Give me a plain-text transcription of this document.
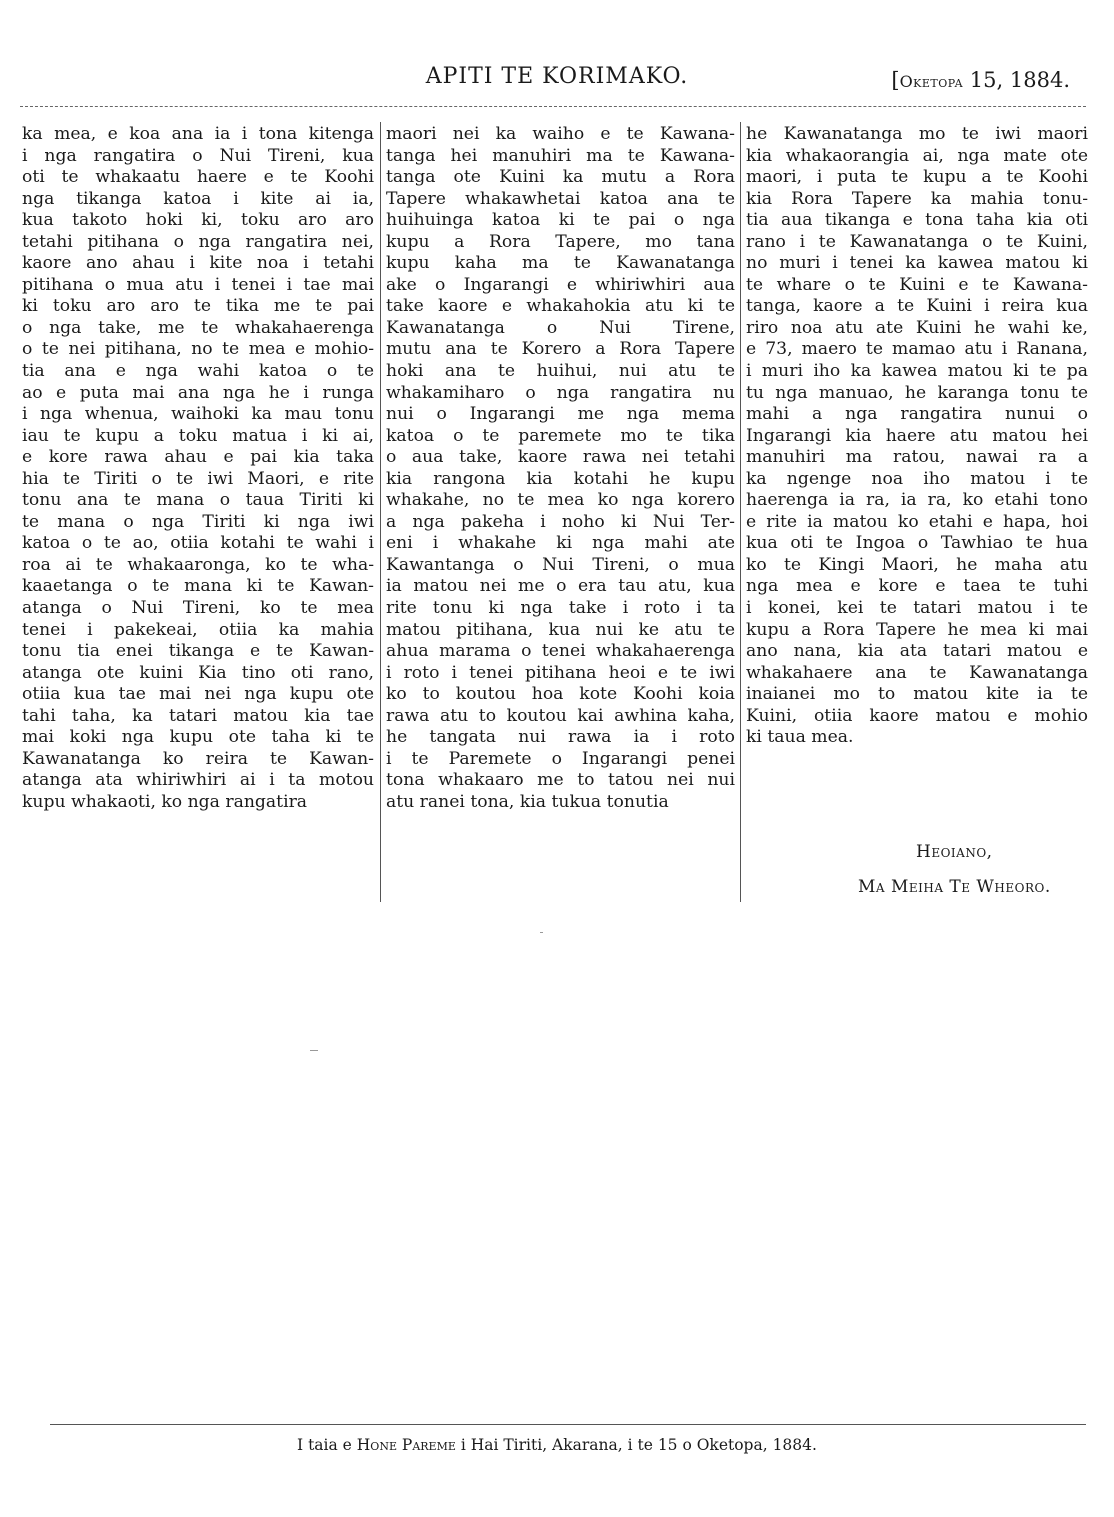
APITI TE KORIMAKO.	[Oketopa 15, 1884.
ka mea, e koa ana ia i tona kitenga
i nga rangatira o Nui Tireni, kua
oti te whakaatu haere e te Koohi
nga tikanga katoa i kite ai ia,
kua takoto hoki ki, toku aro aro
tetahi pitihana o nga rangatira nei,
kaore ano ahau i kite noa i tetahi
pitihana o mua atu i tenei i tae mai
ki toku aro aro te tika me te pai
o nga take, me te whakahaerenga
o te nei pitihana, no te mea e mohio-
tia ana e nga wahi katoa o te
ao e puta mai ana nga he i runga
i nga whenua, waihoki ka mau tonu
iau te kupu a toku matua i ki ai,
e kore rawa ahau e pai kia taka
hia te Tiriti o te iwi Maori, e rite
tonu ana te mana o taua Tiriti ki
te mana o nga Tiriti ki nga iwi
katoa o te ao, otiia kotahi te wahi i
roa ai te whakaaronga, ko te wha-
kaaetanga o te mana ki te Kawan-
atanga o Nui Tireni, ko te mea
tenei i pakekeai, otiia ka mahia
tonu tia enei tikanga e te Kawan-
atanga ote kuini Kia tino oti rano,
otiia kua tae mai nei nga kupu ote
tahi taha, ka tatari matou kia tae
mai koki nga kupu ote taha ki te
Kawanatanga ko reira te Kawan-
atanga ata whiriwhiri ai i ta motou
kupu whakaoti, ko nga rangatira
maori nei ka waiho e te Kawana-
tanga hei manuhiri ma te Kawana-
tanga ote Kuini ka mutu a Rora
Tapere whakawhetai katoa ana te
huihuinga katoa ki te pai o nga
kupu a Rora Tapere, mo tana
kupu kaha ma te Kawanatanga
ake o Ingarangi e whiriwhiri aua
take kaore e whakahokia atu ki te
Kawanatanga o Nui Tirene,
mutu ana te Korero a Rora Tapere
hoki ana te huihui, nui atu te
whakamiharo o nga rangatira nu
nui o Ingarangi me nga mema
katoa o te paremete mo te tika
o aua take, kaore rawa nei tetahi
kia rangona kia kotahi he kupu
whakahe, no te mea ko nga korero
a nga pakeha i noho ki Nui Ter-
eni i whakahe ki nga mahi ate
Kawantanga o Nui Tireni, o mua
ia matou nei me o era tau atu, kua
rite tonu ki nga take i roto i ta
matou pitihana, kua nui ke atu te
ahua marama o tenei whakahaerenga
i roto i tenei pitihana heoi e te iwi
ko to koutou hoa kote Koohi koia
rawa atu to koutou kai awhina kaha,
he tangata nui rawa ia i roto
i te Paremete o Ingarangi penei
tona whakaaro me to tatou nei nui
atu ranei tona, kia tukua tonutia
he Kawanatanga mo te iwi maori
kia whakaorangia ai, nga mate ote
maori, i puta te kupu a te Koohi
kia Rora Tapere ka mahia tonu-
tia aua tikanga e tona taha kia oti
rano i te Kawanatanga o te Kuini,
no muri i tenei ka kawea matou ki
te whare o te Kuini e te Kawana-
tanga, kaore a te Kuini i reira kua
riro noa atu ate Kuini he wahi ke,
e 73, maero te mamao atu i Ranana,
i muri iho ka kawea matou ki te pa
tu nga manuao, he karanga tonu te
mahi a nga rangatira nunui o
Ingarangi kia haere atu matou hei
manuhiri ma ratou, nawai ra a
ka ngenge noa iho matou i te
haerenga ia ra, ia ra, ko etahi tono
e rite ia matou ko etahi e hapa, hoi
kua oti te Ingoa o Tawhiao te hua
ko te Kingi Maori, he maha atu
nga mea e kore e taea te tuhi
i konei, kei te tatari matou i te
kupu a Rora Tapere he mea ki mai
ano nana, kia ata tatari matou e
whakahaere ana te Kawanatanga
inaianei mo to matou kite ia te
Kuini, otiia kaore matou e mohio
ki taua mea.
Heoiano,
Ma Meiha Te Wheoro.
I taia e Hone Pareme i Hai Tiriti, Akarana, i te 15 o Oketopa, 1884.
